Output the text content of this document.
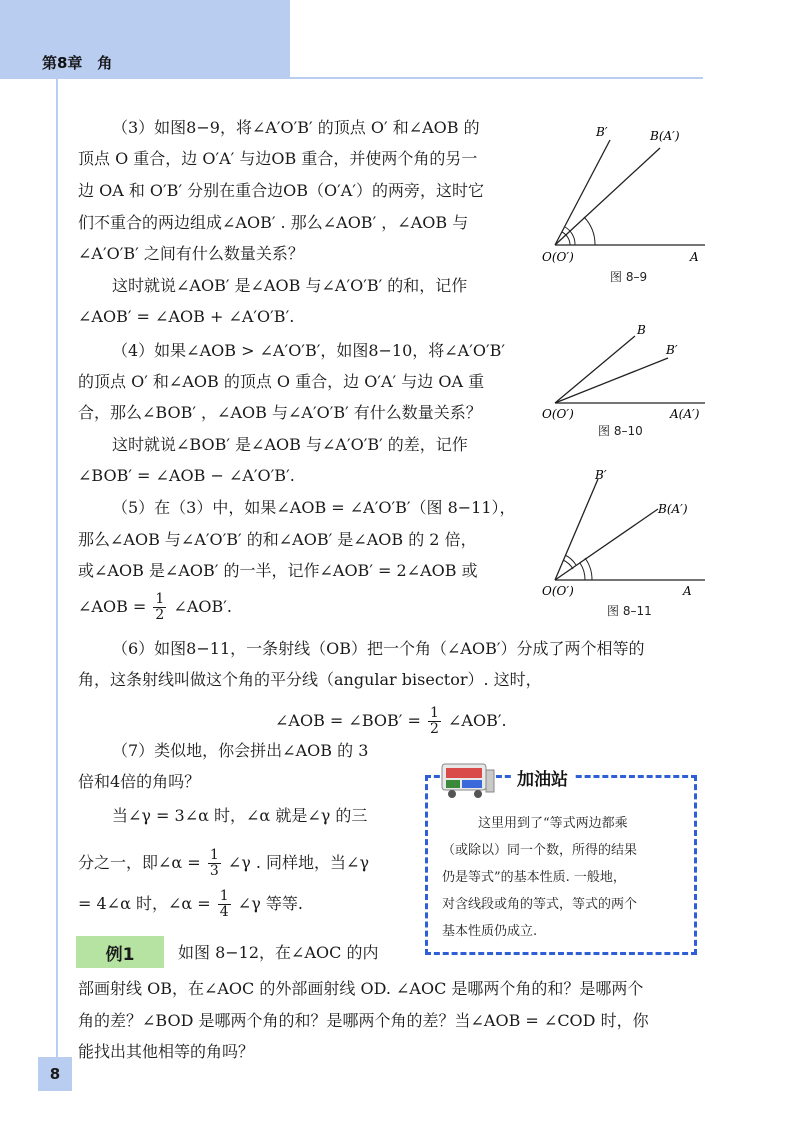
第8章　角
（3）如图8−9，将∠A′O′B′ 的顶点 O′ 和∠AOB 的
顶点 O 重合，边 O′A′ 与边OB 重合，并使两个角的另一
边 OA 和 O′B′ 分别在重合边OB（O′A′）的两旁，这时它
们不重合的两边组成∠AOB′ . 那么∠AOB′ ，∠AOB 与
∠A′O′B′ 之间有什么数量关系？
这时就说∠AOB′ 是∠AOB 与∠A′O′B′ 的和，记作
∠AOB′ = ∠AOB + ∠A′O′B′.
（4）如果∠AOB > ∠A′O′B′，如图8−10，将∠A′O′B′
的顶点 O′ 和∠AOB 的顶点 O 重合，边 O′A′ 与边 OA 重
合，那么∠BOB′ ，∠AOB 与∠A′O′B′ 有什么数量关系？
这时就说∠BOB′ 是∠AOB 与∠A′O′B′ 的差，记作
∠BOB′ = ∠AOB − ∠A′O′B′.
（5）在（3）中，如果∠AOB = ∠A′O′B′（图 8−11），
那么∠AOB 与∠A′O′B′ 的和∠AOB′ 是∠AOB 的 2 倍，
或∠AOB 是∠AOB′ 的一半，记作∠AOB′ = 2∠AOB 或
∠AOB = $\frac{1}{2}$ ∠AOB′.
（6）如图8−11，一条射线（OB）把一个角（∠AOB′）分成了两个相等的
角，这条射线叫做这个角的平分线（angular bisector）. 这时，
∠AOB = ∠BOB′ = $\frac{1}{2}$ ∠AOB′.
（7）类似地，你会拼出∠AOB 的 3
倍和4倍的角吗？
当∠γ = 3∠α 时，∠α 就是∠γ 的三
分之一，即∠α = $\frac{1}{3}$ ∠γ . 同样地，当∠γ
= 4∠α 时，∠α = $\frac{1}{4}$ ∠γ 等等.
例1	如图 8−12，在∠AOC 的内
部画射线 OB，在∠AOC 的外部画射线 OD. ∠AOC 是哪两个角的和？是哪两个
角的差？∠BOD 是哪两个角的和？是哪两个角的差？当∠AOB = ∠COD 时，你
能找出其他相等的角吗？
加油站
这里用到了“等式两边都乘
（或除以）同一个数，所得的结果
仍是等式”的基本性质. 一般地，
对含线段或角的等式，等式的两个
基本性质仍成立.
B′	B(A′)
O(O′)	A
图 8–9
B
B′
O(O′)	A(A′)
图 8–10
B′
B(A′)
O(O′)	A
图 8–11
8
